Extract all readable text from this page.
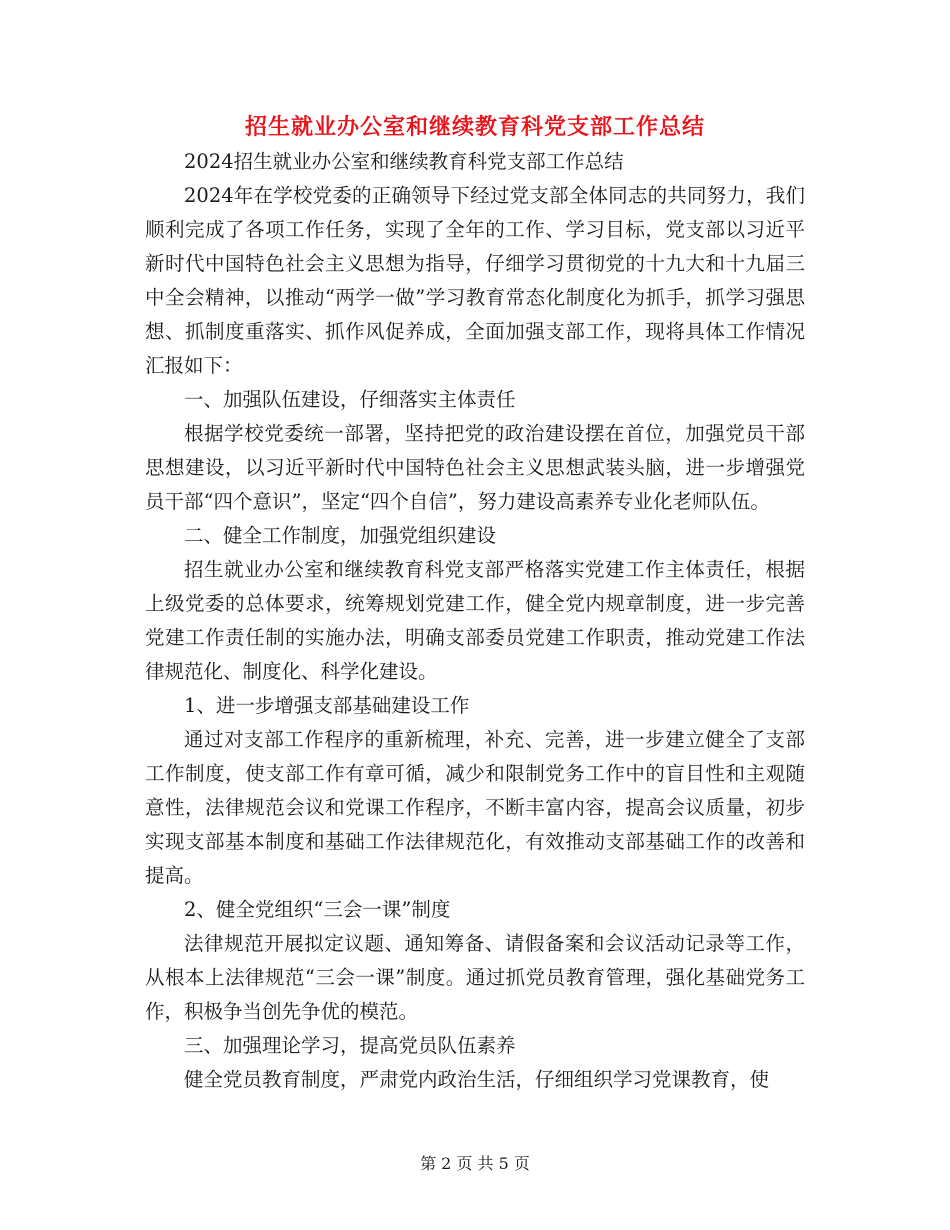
招生就业办公室和继续教育科党支部工作总结

2024招生就业办公室和继续教育科党支部工作总结

2024年在学校党委的正确领导下经过党支部全体同志的共同努力，我们顺利完成了各项工作任务，实现了全年的工作、学习目标，党支部以习近平新时代中国特色社会主义思想为指导，仔细学习贯彻党的十九大和十九届三中全会精神，以推动“两学一做”学习教育常态化制度化为抓手，抓学习强思想、抓制度重落实、抓作风促养成，全面加强支部工作，现将具体工作情况汇报如下：

一、加强队伍建设，仔细落实主体责任

根据学校党委统一部署，坚持把党的政治建设摆在首位，加强党员干部思想建设，以习近平新时代中国特色社会主义思想武装头脑，进一步增强党员干部“四个意识”，坚定“四个自信”，努力建设高素养专业化老师队伍。

二、健全工作制度，加强党组织建设

招生就业办公室和继续教育科党支部严格落实党建工作主体责任，根据上级党委的总体要求，统筹规划党建工作，健全党内规章制度，进一步完善党建工作责任制的实施办法，明确支部委员党建工作职责，推动党建工作法律规范化、制度化、科学化建设。

1、进一步增强支部基础建设工作

通过对支部工作程序的重新梳理，补充、完善，进一步建立健全了支部工作制度，使支部工作有章可循，减少和限制党务工作中的盲目性和主观随意性，法律规范会议和党课工作程序，不断丰富内容，提高会议质量，初步实现支部基本制度和基础工作法律规范化，有效推动支部基础工作的改善和提高。

2、健全党组织“三会一课”制度

法律规范开展拟定议题、通知筹备、请假备案和会议活动记录等工作，从根本上法律规范“三会一课”制度。通过抓党员教育管理，强化基础党务工作，积极争当创先争优的模范。

三、加强理论学习，提高党员队伍素养

健全党员教育制度，严肃党内政治生活，仔细组织学习党课教育，使

第 2 页 共 5 页
